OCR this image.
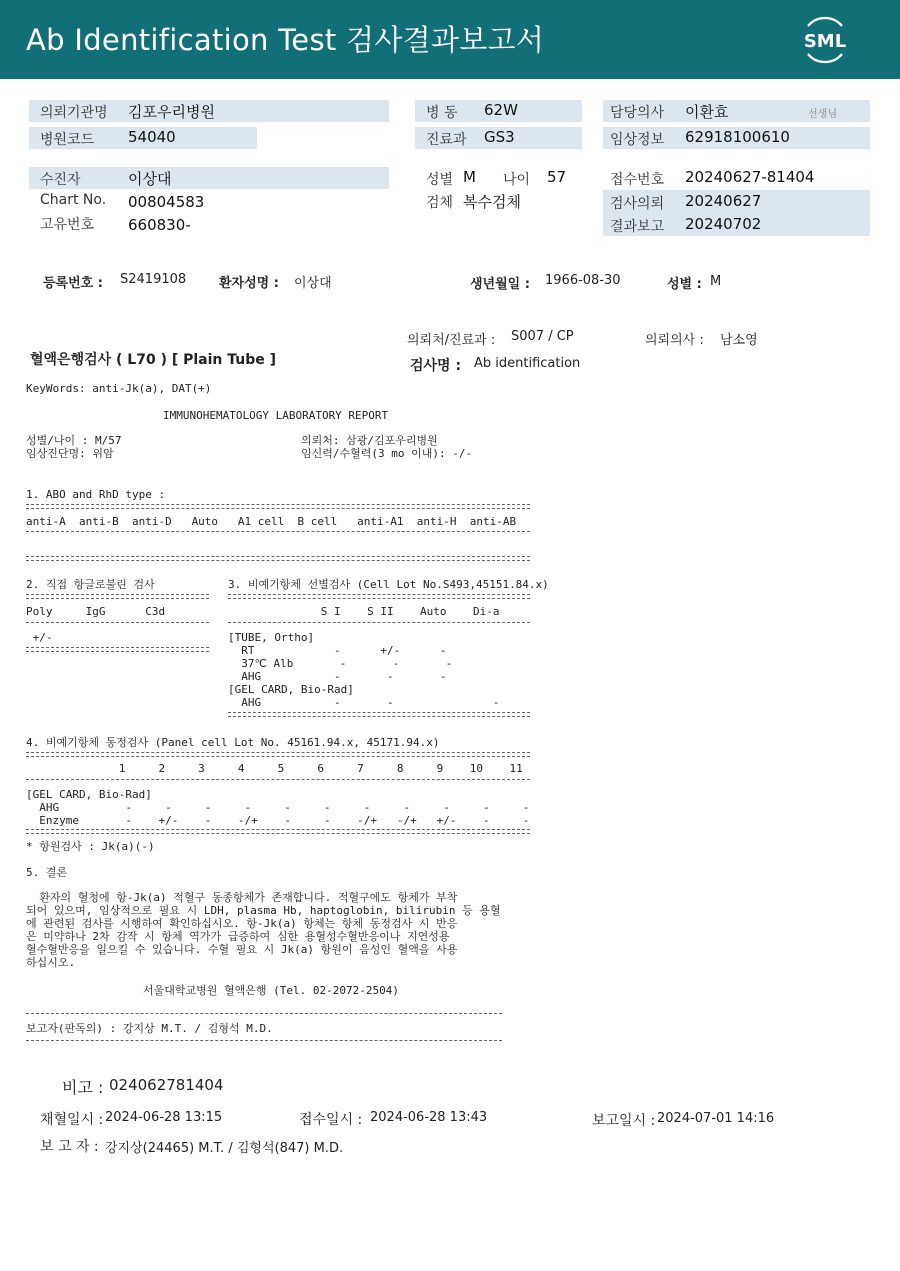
Ab Identification Test 검사결과보고서	SML
의뢰기관명 김포우리병원
병원코드 54040
병 동 62W
진료과 GS3
담당의사 이환효	선생님
임상정보 62918100610
수진자	이상대
Chart No. 00804583
고유번호 660830-
성별 M 나이 57
검체 복수검체
접수번호 20240627-81404
검사의뢰 20240627
결과보고 20240702
등록번호 : S2419108	환자성명 : 이상대	생년월일 : 1966-08-30	성별 : M
혈액은행검사 ( L70 ) [ Plain Tube ]
의뢰처/진료과 : S007 / CP	의뢰의사 : 남소영
검사명 : Ab identification
KeyWords: anti-Jk(a), DAT(+)
IMMUNOHEMATOLOGY LABORATORY REPORT
성별/나이 : M/57	의뢰처: 삼광/김포우리병원
임상진단명: 위암	임신력/수혈력(3 mo 이내): -/-
1. ABO and RhD type :
anti-A  anti-B  anti-D   Auto   A1 cell  B cell   anti-A1  anti-H  anti-AB
2. 직접 항글로불린 검사
Poly     IgG      C3d
+/-
3. 비예기항체 선별검사 (Cell Lot No.S493,45151.84.x)
S I    S II    Auto    Di-a
[TUBE, Ortho]
RT            -      +/-      -
37℃ Alb       -       -       -
AHG           -       -       -
[GEL CARD, Bio-Rad]
AHG           -       -               -
4. 비예기항체 동정검사 (Panel cell Lot No. 45161.94.x, 45171.94.x)
1     2     3     4     5     6     7     8     9    10    11
[GEL CARD, Bio-Rad]
AHG          -     -     -     -     -     -     -     -     -     -     -
Enzyme       -    +/-    -    -/+    -     -    -/+   -/+   +/-    -     -
* 항원검사 : Jk(a)(-)
5. 결론
환자의 혈청에 항-Jk(a) 적혈구 동종항체가 존재합니다. 적혈구에도 항체가 부착
되어 있으며, 임상적으로 필요 시 LDH, plasma Hb, haptoglobin, bilirubin 등 용혈
에 관련된 검사를 시행하여 확인하십시오. 항-Jk(a) 항체는 항체 동정검사 시 반응
은 미약하나 2차 감작 시 항체 역가가 급증하여 심한 용혈성수혈반응이나 지연성용
혈수혈반응을 일으킬 수 있습니다. 수혈 필요 시 Jk(a) 항원이 음성인 혈액을 사용
하십시오.
서울대학교병원 혈액은행 (Tel. 02-2072-2504)
보고자(판독의) : 강지상 M.T. / 김형석 M.D.
비고 : 024062781404
채혈일시 : 2024-06-28 13:15	접수일시 : 2024-06-28 13:43	보고일시 : 2024-07-01 14:16
보 고 자 : 강지상(24465) M.T. / 김형석(847) M.D.
